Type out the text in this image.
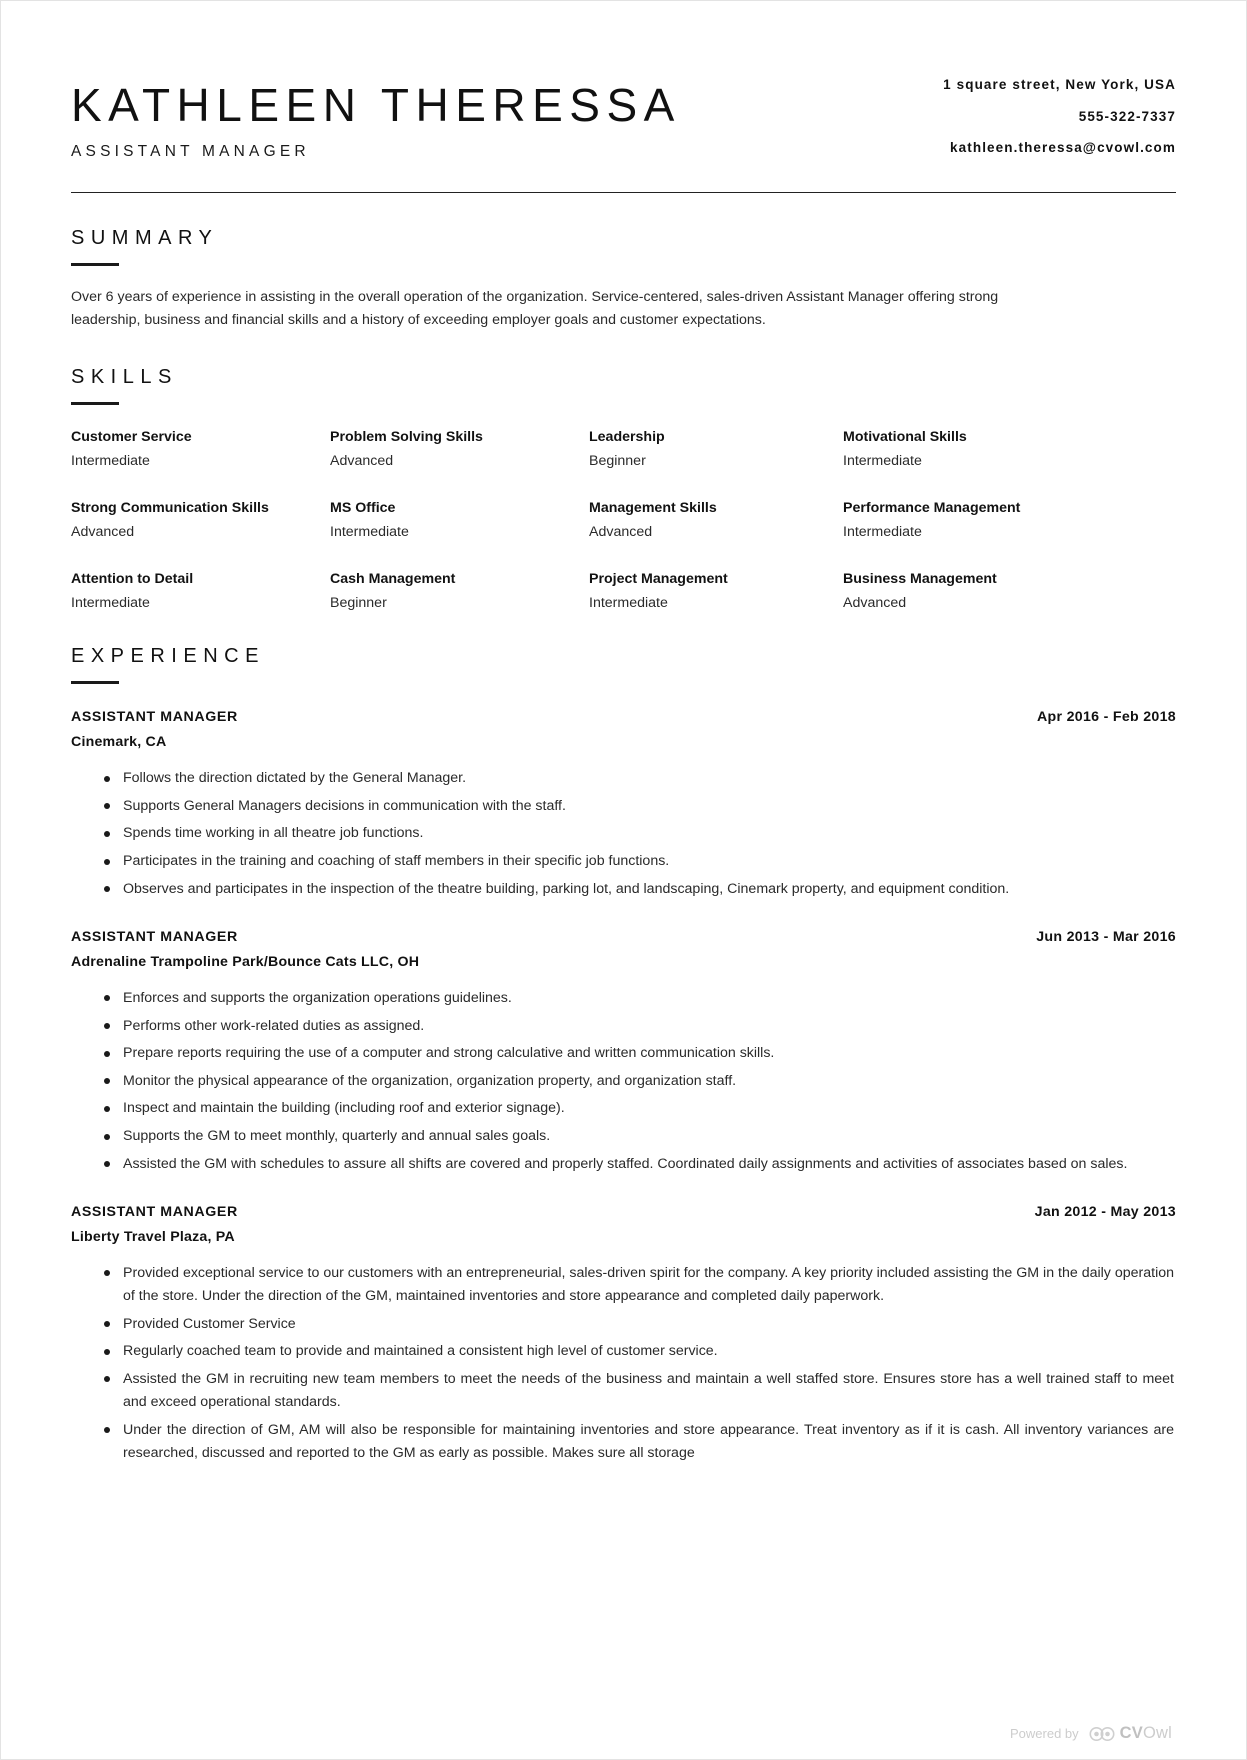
KATHLEEN THERESSA
ASSISTANT MANAGER
1 square street, New York, USA
555-322-7337
kathleen.theressa@cvowl.com
SUMMARY

Over 6 years of experience in assisting in the overall operation of the organization. Service-centered, sales-driven Assistant Manager offering strong leadership, business and financial skills and a history of exceeding employer goals and customer expectations.

SKILLS
Customer Service
Intermediate
Problem Solving Skills
Advanced
Leadership
Beginner
Motivational Skills
Intermediate
Strong Communication Skills
Advanced
MS Office
Intermediate
Management Skills
Advanced
Performance Management
Intermediate
Attention to Detail
Intermediate
Cash Management
Beginner
Project Management
Intermediate
Business Management
Advanced
EXPERIENCE
ASSISTANT MANAGER	Apr 2016 - Feb 2018
Cinemark, CA
Follows the direction dictated by the General Manager.
Supports General Managers decisions in communication with the staff.
Spends time working in all theatre job functions.
Participates in the training and coaching of staff members in their specific job functions.
Observes and participates in the inspection of the theatre building, parking lot, and landscaping, Cinemark property, and equipment condition.
ASSISTANT MANAGER	Jun 2013 - Mar 2016
Adrenaline Trampoline Park/Bounce Cats LLC, OH
Enforces and supports the organization operations guidelines.
Performs other work-related duties as assigned.
Prepare reports requiring the use of a computer and strong calculative and written communication skills.
Monitor the physical appearance of the organization, organization property, and organization staff.
Inspect and maintain the building (including roof and exterior signage).
Supports the GM to meet monthly, quarterly and annual sales goals.
Assisted the GM with schedules to assure all shifts are covered and properly staffed. Coordinated daily assignments and activities of associates based on sales.
ASSISTANT MANAGER	Jan 2012 - May 2013
Liberty Travel Plaza, PA
Provided exceptional service to our customers with an entrepreneurial, sales-driven spirit for the company. A key priority included assisting the GM in the daily operation of the store. Under the direction of the GM, maintained inventories and store appearance and completed daily paperwork.
Provided Customer Service
Regularly coached team to provide and maintained a consistent high level of customer service.
Assisted the GM in recruiting new team members to meet the needs of the business and maintain a well staffed store. Ensures store has a well trained staff to meet and exceed operational standards.
Under the direction of GM, AM will also be responsible for maintaining inventories and store appearance. Treat inventory as if it is cash. All inventory variances are researched, discussed and reported to the GM as early as possible. Makes sure all storage
Powered by CVOwl
